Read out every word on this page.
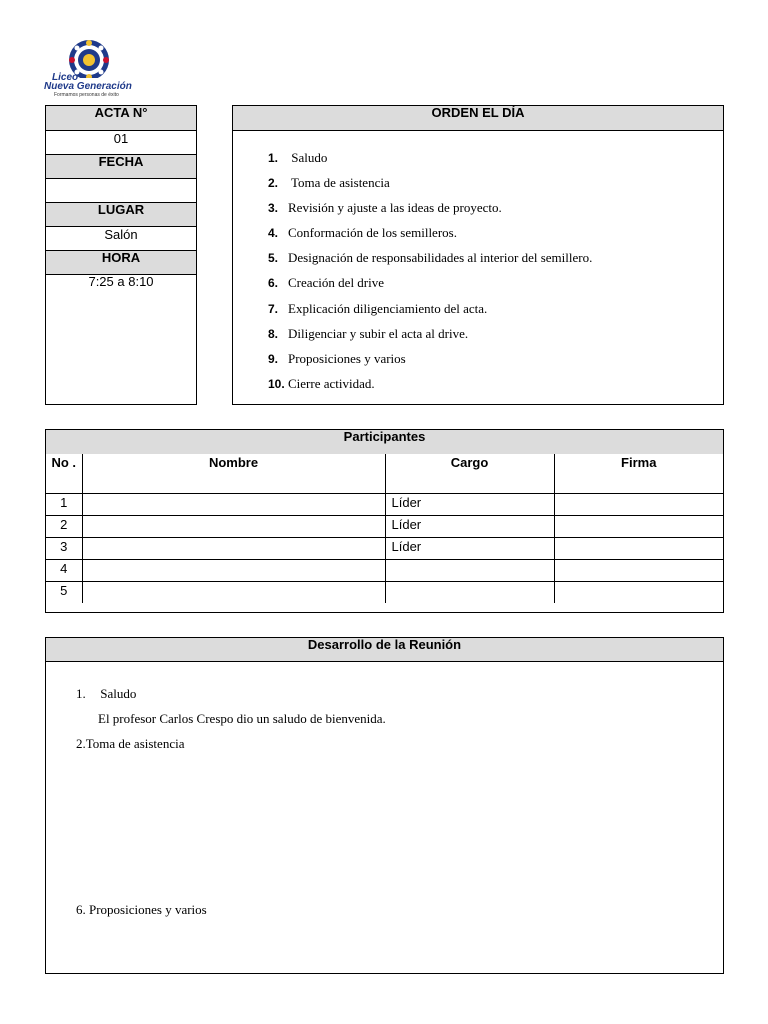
Liceo
Nueva Generación
Formamos personas de éxito
ACTA N°
01
FECHA
LUGAR
Salón
HORA
7:25 a 8:10
ORDEN EL DÍA
1. Saludo
2. Toma de asistencia
3. Revisión y ajuste a las ideas de proyecto.
4. Conformación de los semilleros.
5. Designación de responsabilidades al interior del semillero.
6. Creación del drive
7. Explicación diligenciamiento del acta.
8. Diligenciar y subir el acta al drive.
9. Proposiciones y varios
10. Cierre actividad.
Participantes
No .	Nombre	Cargo	Firma
1		Líder	
2		Líder	
3		Líder	
4			
5			
Desarrollo de la Reunión
1. Saludo
El profesor Carlos Crespo dio un saludo de bienvenida.
2.Toma de asistencia
6. Proposiciones y varios
